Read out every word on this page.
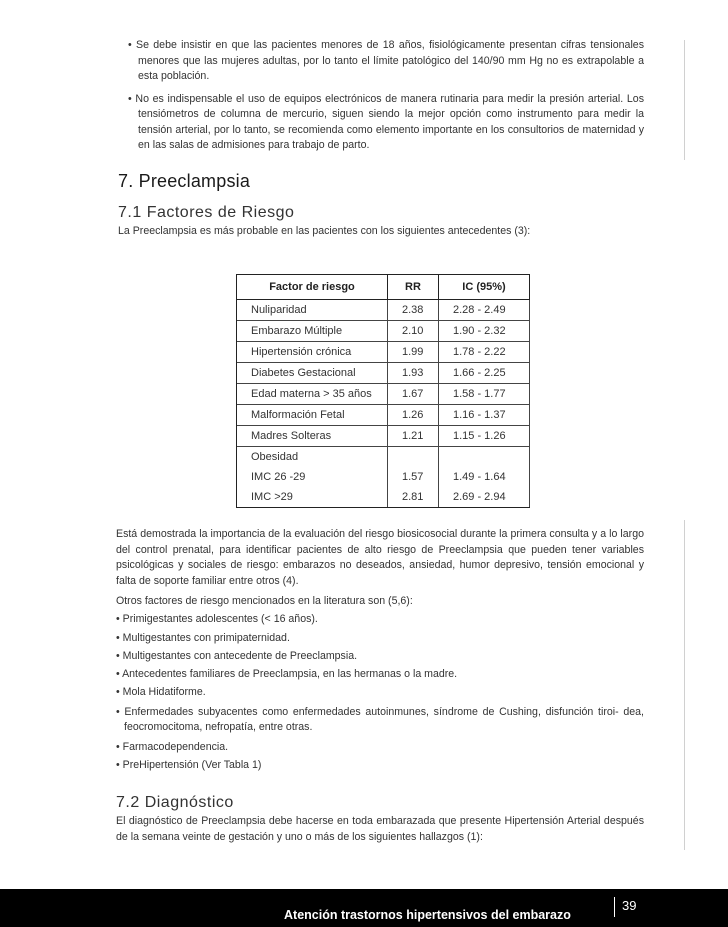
• Se debe insistir en que las pacientes menores de 18 años, fisiológicamente presentan cifras tensionales menores que las mujeres adultas, por lo tanto el límite patológico del 140/90 mm Hg no es extrapolable a esta población.

• No es indispensable el uso de equipos electrónicos de manera rutinaria para medir la presión arterial. Los tensiómetros de columna de mercurio, siguen siendo la mejor opción como instrumento para medir la tensión arterial, por lo tanto, se recomienda como elemento importante en los consultorios de maternidad y en las salas de admisiones para trabajo de parto.

7. Preeclampsia
7.1 Factores de Riesgo

La Preeclampsia es más probable en las pacientes con los siguientes antecedentes (3):

Factor de riesgo	RR	IC (95%)
Nuliparidad	2.38	2.28 - 2.49
Embarazo Múltiple	2.10	1.90 - 2.32
Hipertensión crónica	1.99	1.78 - 2.22
Diabetes Gestacional	1.93	1.66 - 2.25
Edad materna > 35 años	1.67	1.58 - 1.77
Malformación Fetal	1.26	1.16 - 1.37
Madres Solteras	1.21	1.15 - 1.26
Obesidad		
IMC 26 -29	1.57	1.49 - 1.64
IMC >29	2.81	2.69 - 2.94

Está demostrada la importancia de la evaluación del riesgo biosicosocial durante la primera consulta y a lo largo del control prenatal, para identificar pacientes de alto riesgo de Preeclampsia que pueden tener variables psicológicas y sociales de riesgo: embarazos no deseados, ansiedad, humor depresivo, tensión emocional y falta de soporte familiar entre otros (4).

Otros factores de riesgo mencionados en la literatura son (5,6):

• Primigestantes adolescentes (< 16 años).

• Multigestantes con primipaternidad.

• Multigestantes con antecedente de Preeclampsia.

• Antecedentes familiares de Preeclampsia, en las hermanas o la madre.

• Mola Hidatiforme.

• Enfermedades subyacentes como enfermedades autoinmunes, síndrome de Cushing, disfunción tiroi- dea, feocromocitoma, nefropatía, entre otras.

• Farmacodependencia.

• PreHipertensión (Ver Tabla 1)

7.2 Diagnóstico

El diagnóstico de Preeclampsia debe hacerse en toda embarazada que presente Hipertensión Arterial después de la semana veinte de gestación y uno o más de los siguientes hallazgos (1):

Atención trastornos hipertensivos del embarazo
39
